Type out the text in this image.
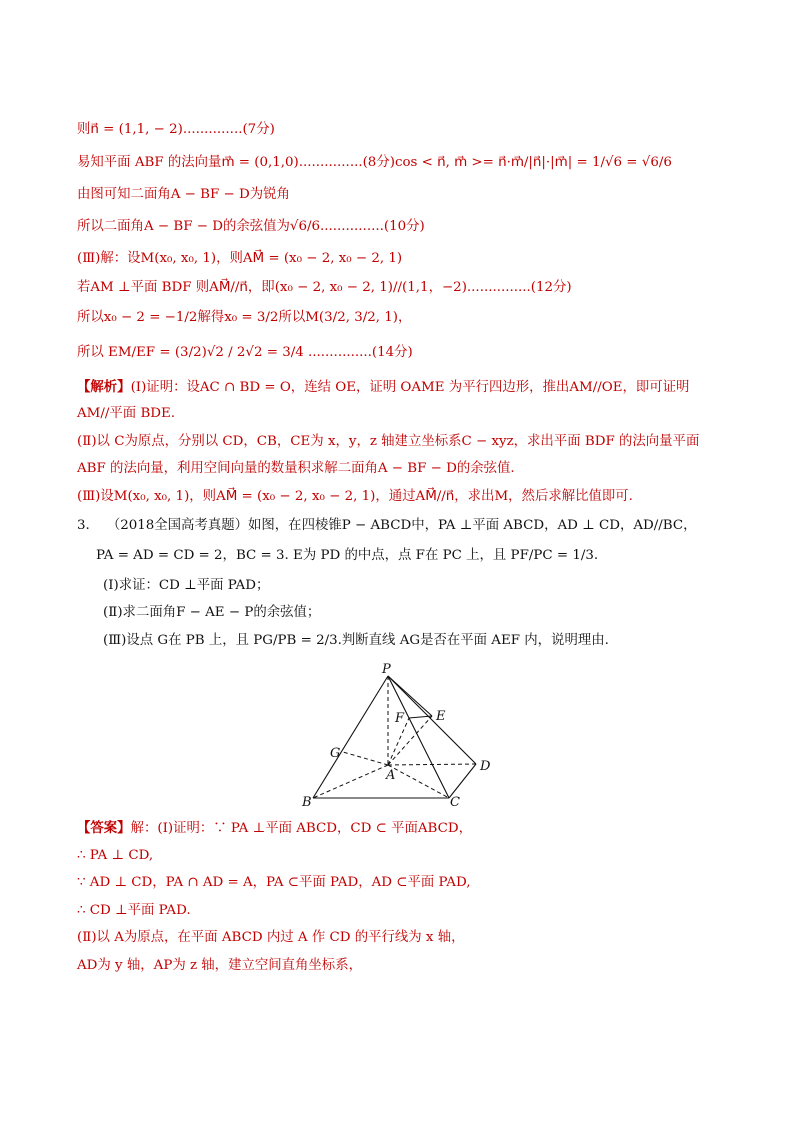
则n⃗ = (1,1, − 2)..............(7分)
易知平面 ABF 的法向量m⃗ = (0,1,0)...............(8分)cos < n⃗, m⃗ >= n⃗·m⃗/|n⃗|·|m⃗| = 1/√6 = √6/6
由图可知二面角A − BF − D为锐角
所以二面角A − BF − D的余弦值为√6/6...............(10分)
(Ⅲ)解：设M(x₀, x₀, 1)，则AM⃗ = (x₀ − 2, x₀ − 2, 1)
若AM ⊥平面 BDF 则AM⃗//n⃗，即(x₀ − 2, x₀ − 2, 1)//(1,1，−2)...............(12分)
所以x₀ − 2 = −1/2解得x₀ = 3/2所以M(3/2, 3/2, 1)，
所以 EM/EF = (3/2)√2 / 2√2 = 3/4 ...............(14分)
【解析】(Ⅰ)证明：设AC ∩ BD = O，连结 OE，证明 OAME 为平行四边形，推出AM//OE，即可证明
AM//平面 BDE.
(Ⅱ)以 C为原点，分别以 CD，CB，CE为 x，y，z 轴建立坐标系C − xyz，求出平面 BDF 的法向量平面
ABF 的法向量，利用空间向量的数量积求解二面角A − BF − D的余弦值.
(Ⅲ)设M(x₀, x₀, 1)，则AM⃗ = (x₀ − 2, x₀ − 2, 1)，通过AM⃗//n⃗，求出M，然后求解比值即可.
3. （2018全国高考真题）如图，在四棱锥P − ABCD中，PA ⊥平面 ABCD，AD ⊥ CD，AD//BC，
PA = AD = CD = 2，BC = 3. E为 PD 的中点，点 F在 PC 上，且 PF/PC = 1/3.
(Ⅰ)求证：CD ⊥平面 PAD；
(Ⅱ)求二面角F − AE − P的余弦值；
(Ⅲ)设点 G在 PB 上，且 PG/PB = 2/3.判断直线 AG是否在平面 AEF 内，说明理由.
P
F E
G
A
D
B	C
【答案】解：(Ⅰ)证明：∵ PA ⊥平面 ABCD，CD ⊂ 平面ABCD，
∴ PA ⊥ CD,
∵ AD ⊥ CD，PA ∩ AD = A，PA ⊂平面 PAD，AD ⊂平面 PAD,
∴ CD ⊥平面 PAD.
(Ⅱ)以 A为原点，在平面 ABCD 内过 A 作 CD 的平行线为 x 轴，
AD为 y 轴，AP为 z 轴，建立空间直角坐标系，
